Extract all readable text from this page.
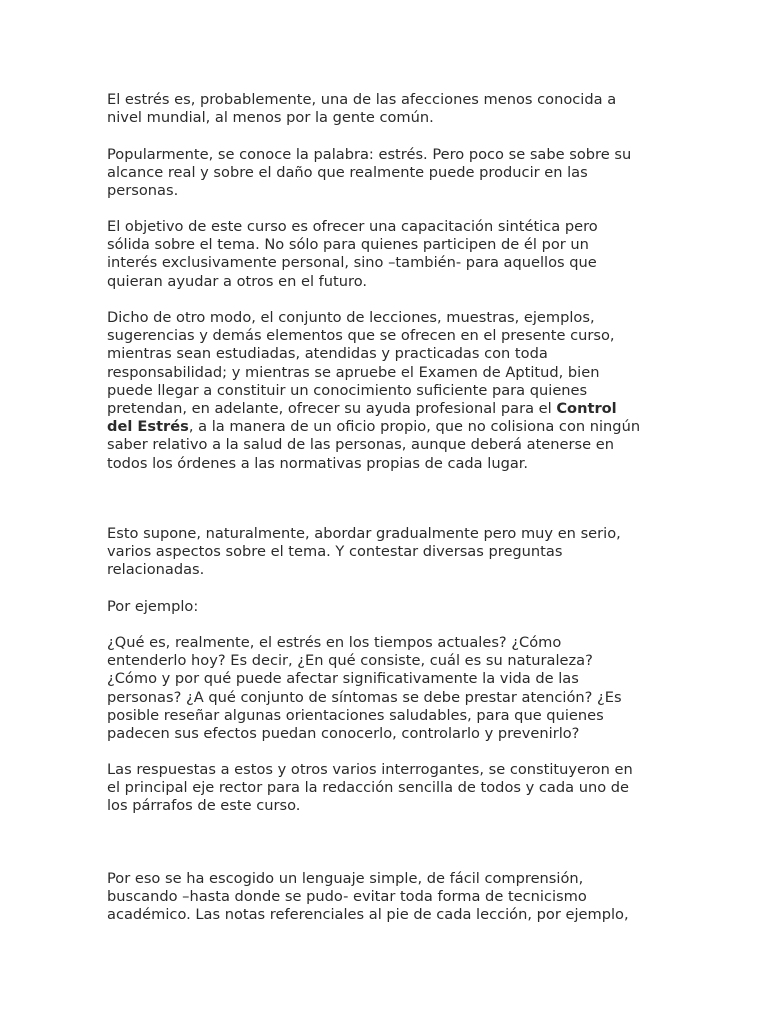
El estrés es, probablemente, una de las afecciones menos conocida a
nivel mundial, al menos por la gente común.
Popularmente, se conoce la palabra: estrés. Pero poco se sabe sobre su
alcance real y sobre el daño que realmente puede producir en las
personas.
El objetivo de este curso es ofrecer una capacitación sintética pero
sólida sobre el tema. No sólo para quienes participen de él por un
interés exclusivamente personal, sino –también- para aquellos que
quieran ayudar a otros en el futuro.
Dicho de otro modo, el conjunto de lecciones, muestras, ejemplos,
sugerencias y demás elementos que se ofrecen en el presente curso,
mientras sean estudiadas, atendidas y practicadas con toda
responsabilidad; y mientras se apruebe el Examen de Aptitud, bien
puede llegar a constituir un conocimiento suficiente para quienes
pretendan, en adelante, ofrecer su ayuda profesional para el Control
del Estrés, a la manera de un oficio propio, que no colisiona con ningún
saber relativo a la salud de las personas, aunque deberá atenerse en
todos los órdenes a las normativas propias de cada lugar.
Esto supone, naturalmente, abordar gradualmente pero muy en serio,
varios aspectos sobre el tema. Y contestar diversas preguntas
relacionadas.
Por ejemplo:
¿Qué es, realmente, el estrés en los tiempos actuales? ¿Cómo
entenderlo hoy? Es decir, ¿En qué consiste, cuál es su naturaleza?
¿Cómo y por qué puede afectar significativamente la vida de las
personas? ¿A qué conjunto de síntomas se debe prestar atención? ¿Es
posible reseñar algunas orientaciones saludables, para que quienes
padecen sus efectos puedan conocerlo, controlarlo y prevenirlo?
Las respuestas a estos y otros varios interrogantes, se constituyeron en
el principal eje rector para la redacción sencilla de todos y cada uno de
los párrafos de este curso.
Por eso se ha escogido un lenguaje simple, de fácil comprensión,
buscando –hasta donde se pudo- evitar toda forma de tecnicismo
académico. Las notas referenciales al pie de cada lección, por ejemplo,
